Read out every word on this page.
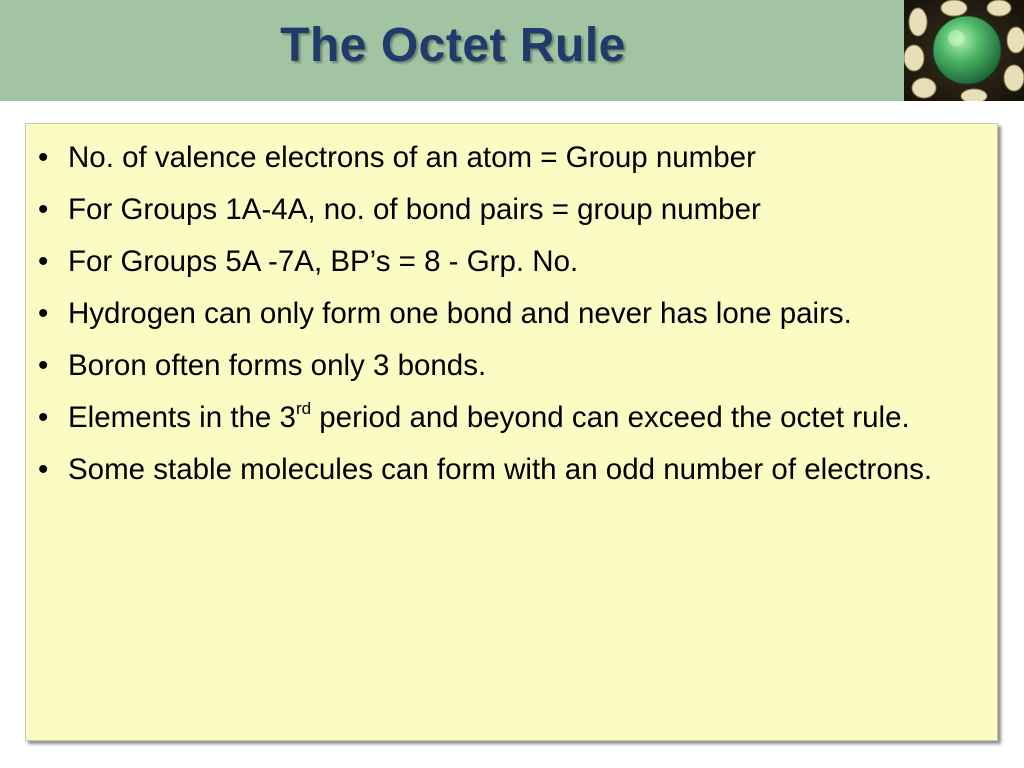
The Octet Rule
• No. of valence electrons of an atom = Group number
• For Groups 1A-4A, no. of bond pairs = group number
• For Groups 5A -7A, BP’s = 8 - Grp. No.
• Hydrogen can only form one bond and never has lone pairs.
• Boron often forms only 3 bonds.
• Elements in the 3rd period and beyond can exceed the octet rule.
• Some stable molecules can form with an odd number of electrons.
